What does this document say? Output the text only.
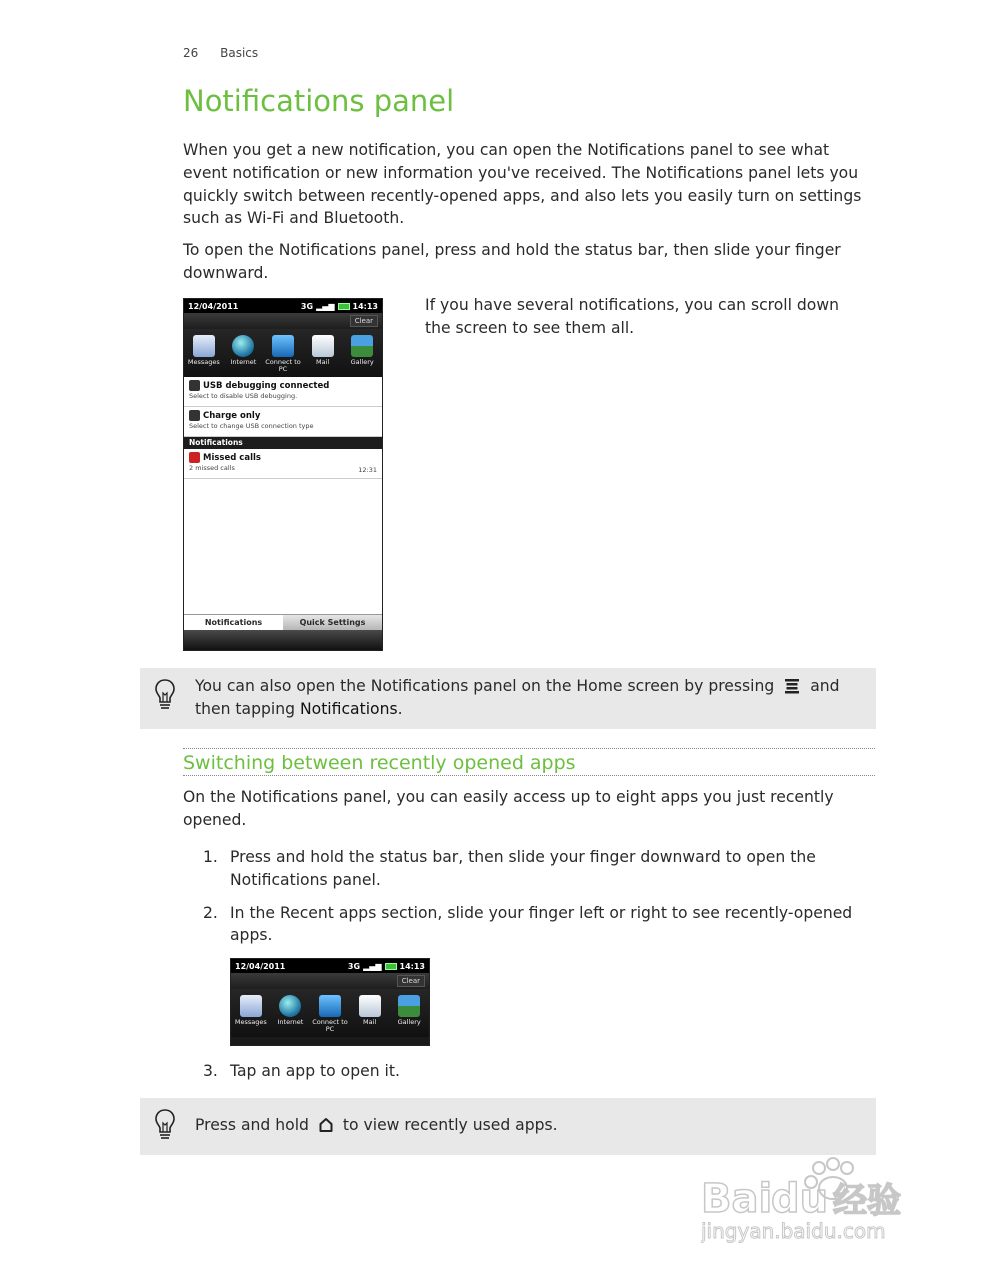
26 Basics
Notifications panel

When you get a new notification, you can open the Notifications panel to see what event notification or new information you've received. The Notifications panel lets you quickly switch between recently-opened apps, and also lets you easily turn on settings such as Wi-Fi and Bluetooth.

To open the Notifications panel, press and hold the status bar, then slide your finger downward.

12/04/2011	3G ▂▄▆ 14:13
Clear
Messages	Internet	Connect to PC
Mail	Gallery
USB debugging connected
Select to disable USB debugging.
Charge only
Select to change USB connection type
Notifications
Missed calls
2 missed calls	12:31
Notifications	Quick Settings

If you have several notifications, you can scroll down the screen to see them all.

You can also open the Notifications panel on the Home screen by pressing and then tapping Notifications.
Switching between recently opened apps

On the Notifications panel, you can easily access up to eight apps you just recently opened.

1. Press and hold the status bar, then slide your finger downward to open the Notifications panel.
2. In the Recent apps section, slide your finger left or right to see recently-opened apps.
12/04/2011	3G ▂▄▆ 14:13
Clear
Messages	Internet	Connect to PC
Mail	Gallery
3. Tap an app to open it.
Press and hold to view recently used apps.
Bai
du 经验
jingyan.baidu.com
